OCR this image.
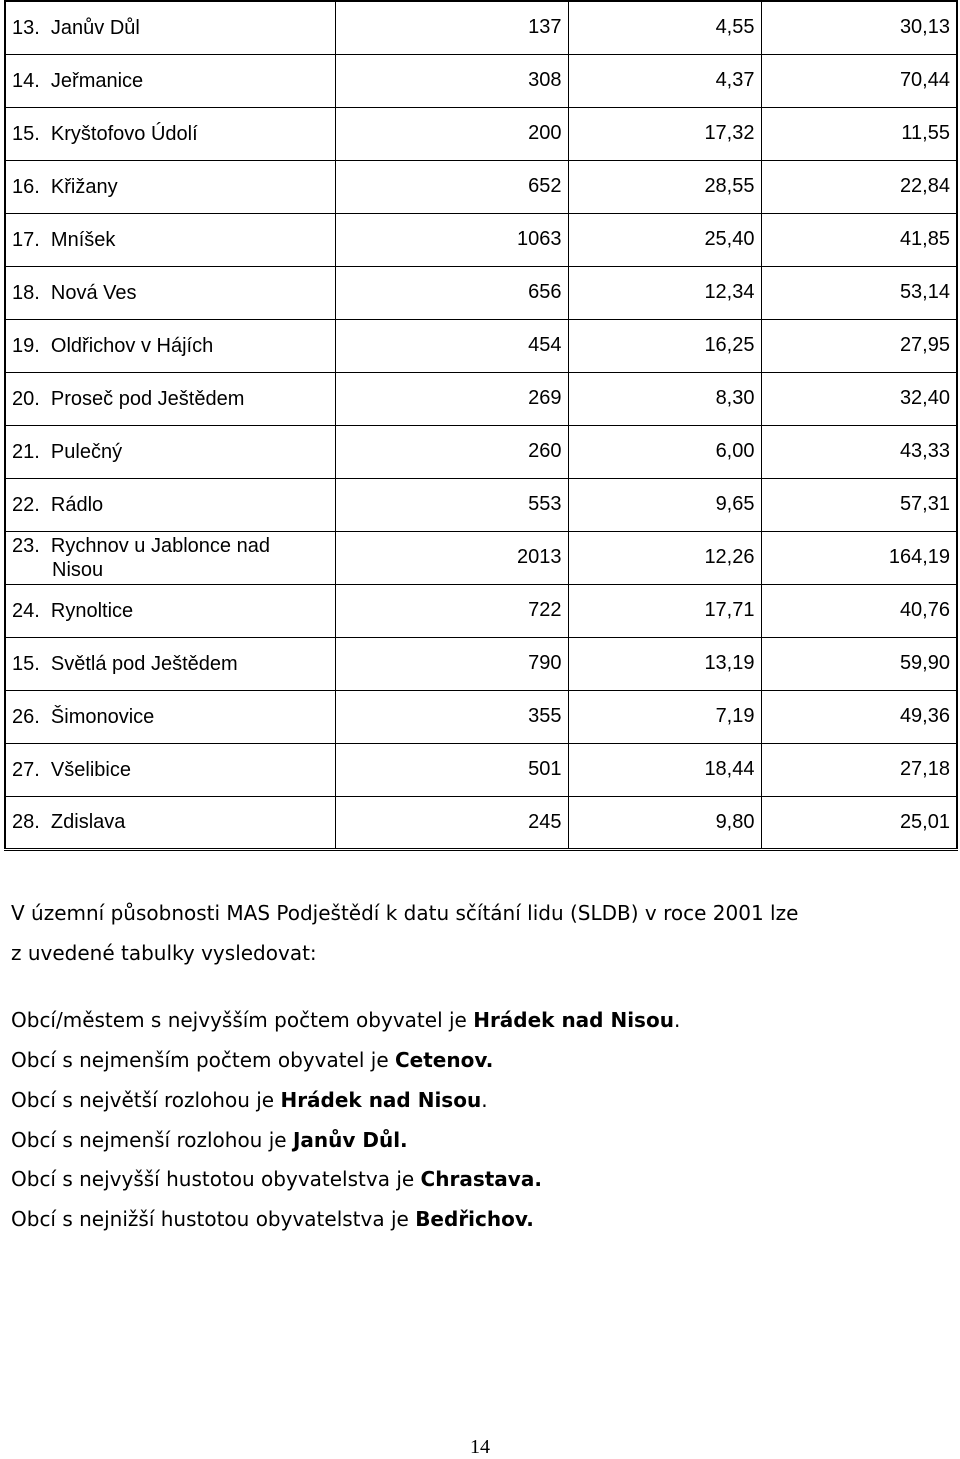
13.  Janův Důl	137	4,55	30,13

14.  Jeřmanice	308	4,37	70,44

15.  Kryštofovo Údolí	200	17,32	11,55

16.  Křižany	652	28,55	22,84

17.  Mníšek	1063	25,40	41,85

18.  Nová Ves	656	12,34	53,14

19.  Oldřichov v Hájích	454	16,25	27,95

20.  Proseč pod Ještědem	269	8,30	32,40

21.  Pulečný	260	6,00	43,33

22.  Rádlo	553	9,65	57,31

23.  Rychnov u Jablonce nad
Nisou	2013	12,26	164,19

24.  Rynoltice	722	17,71	40,76

15.  Světlá pod Ještědem	790	13,19	59,90

26.  Šimonovice	355	7,19	49,36

27.  Všelibice	501	18,44	27,18

28.  Zdislava	245	9,80	25,01
V územní působnosti MAS Podještědí k datu sčítání lidu (SLDB) v roce 2001 lze
z uvedené tabulky vysledovat:
Obcí/městem s nejvyšším počtem obyvatel je Hrádek nad Nisou.
Obcí s nejmenším počtem obyvatel je Cetenov.
Obcí s největší rozlohou je Hrádek nad Nisou.
Obcí s nejmenší rozlohou je Janův Důl.
Obcí s nejvyšší hustotou obyvatelstva je Chrastava.
Obcí s nejnižší hustotou obyvatelstva je Bedřichov.
14
